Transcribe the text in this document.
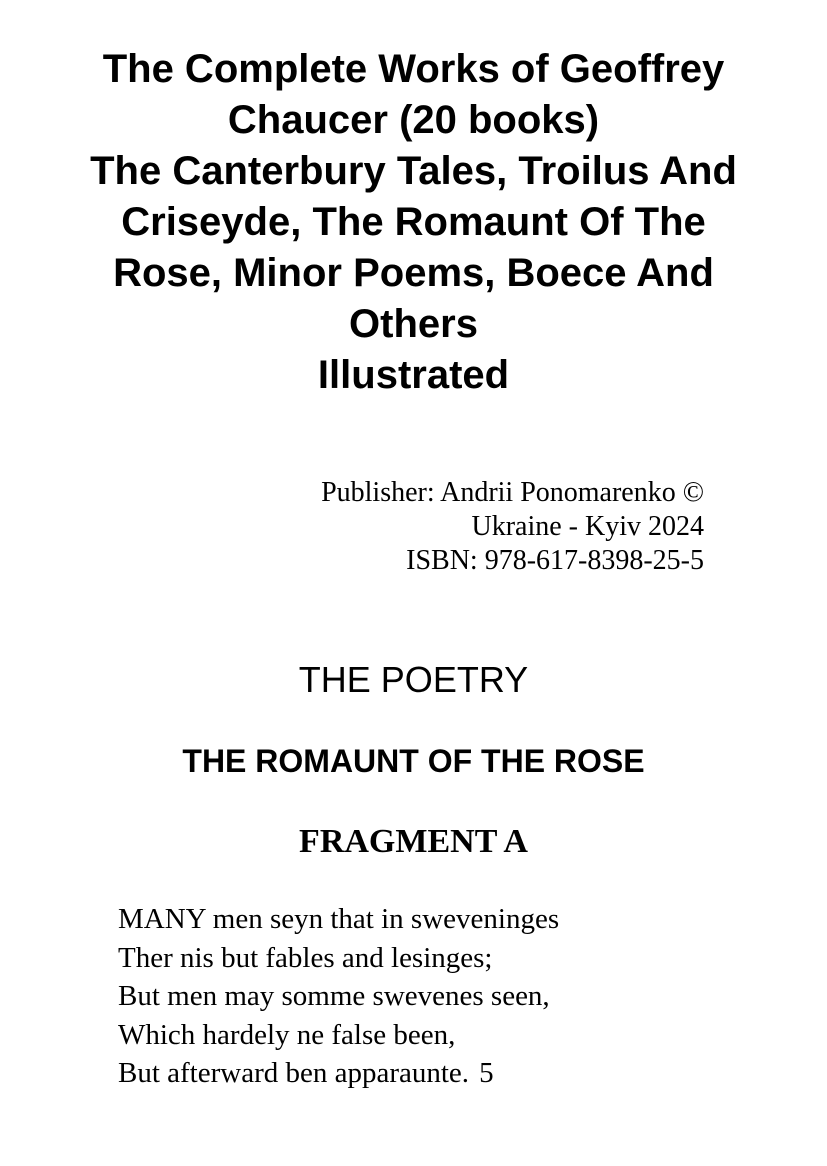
The Complete Works of Geoffrey
Chaucer (20 books)
The Canterbury Tales, Troilus And
Criseyde, The Romaunt Of The
Rose, Minor Poems, Boece And
Others
Illustrated
Publisher: Andrii Ponomarenko ©
Ukraine - Kyiv 2024
ISBN: 978-617-8398-25-5
THE POETRY
THE ROMAUNT OF THE ROSE
FRAGMENT A
MANY men seyn that in sweveninges
Ther nis but fables and lesinges;
But men may somme swevenes seen,
Which hardely ne false been,
But afterward ben apparaunte. 5
